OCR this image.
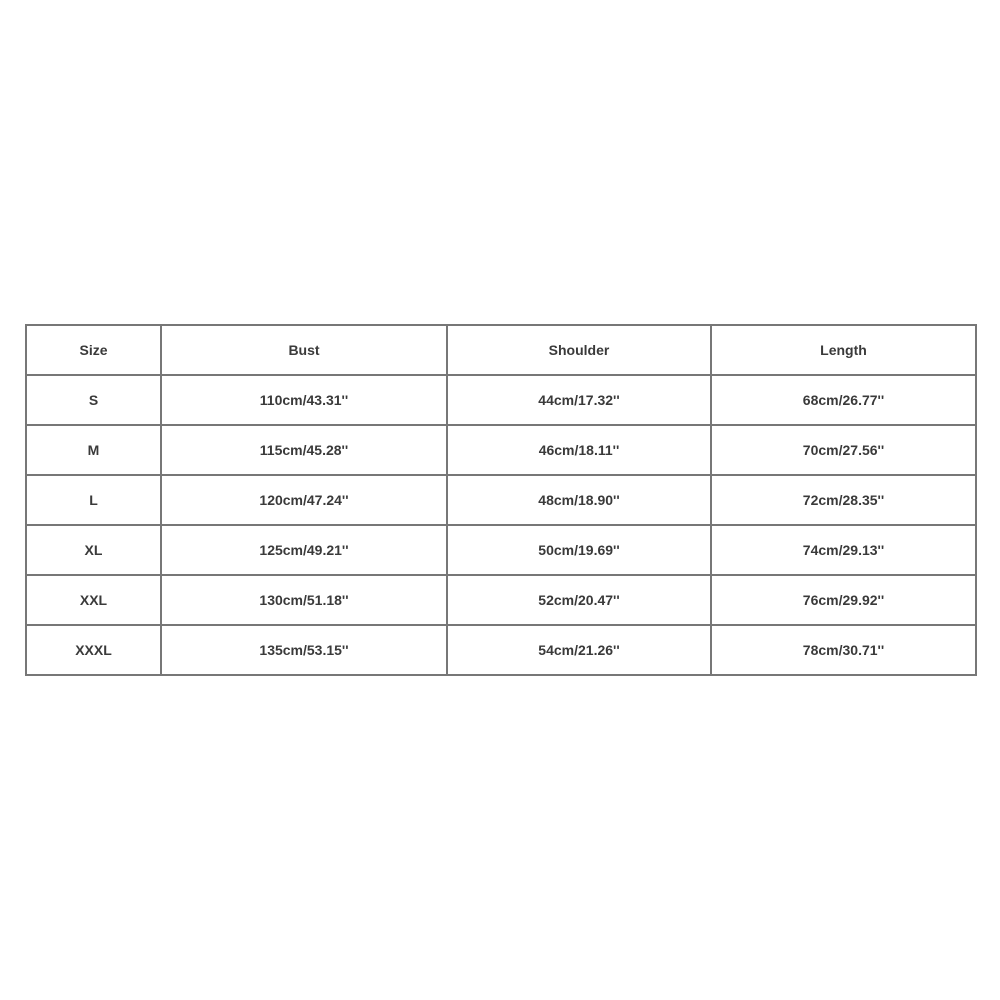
Size	Bust	Shoulder	Length
S	110cm/43.31''	44cm/17.32''	68cm/26.77''
M	115cm/45.28''	46cm/18.11''	70cm/27.56''
L	120cm/47.24''	48cm/18.90''	72cm/28.35''
XL	125cm/49.21''	50cm/19.69''	74cm/29.13''
XXL	130cm/51.18''	52cm/20.47''	76cm/29.92''
XXXL	135cm/53.15''	54cm/21.26''	78cm/30.71''
